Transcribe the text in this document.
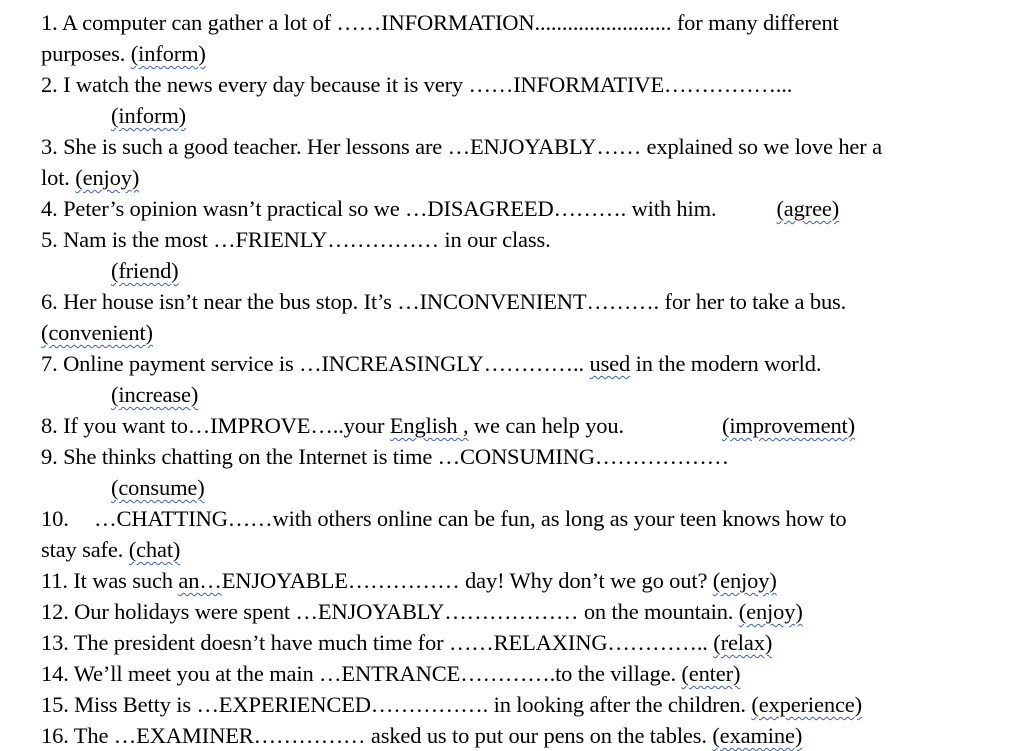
1. A computer can gather a lot of ……INFORMATION......................... for many different
purposes. (inform)
2. I watch the news every day because it is very ……INFORMATIVE……………...
(inform)
3. She is such a good teacher. Her lessons are …ENJOYABLY…… explained so we love her a
lot. (enjoy)
4. Peter’s opinion wasn’t practical so we …DISAGREED………. with him.	(agree)
5. Nam is the most …FRIENLY…………… in our class.
(friend)
6. Her house isn’t near the bus stop. It’s …INCONVENIENT………. for her to take a bus.
(convenient)
7. Online payment service is …INCREASINGLY………….. used in the modern world.
(increase)
8. If you want to…IMPROVE…..your English , we can help you.	(improvement)
9. She thinks chatting on the Internet is time …CONSUMING………………
(consume)
10. …CHATTING……with others online can be fun, as long as your teen knows how to
stay safe. (chat)
11. It was such an…ENJOYABLE…………… day! Why don’t we go out? (enjoy)
12. Our holidays were spent …ENJOYABLY……………… on the mountain. (enjoy)
13. The president doesn’t have much time for ……RELAXING………….. (relax)
14. We’ll meet you at the main …ENTRANCE………….to the village. (enter)
15. Miss Betty is …EXPERIENCED……………. in looking after the children. (experience)
16. The …EXAMINER…………… asked us to put our pens on the tables. (examine)
